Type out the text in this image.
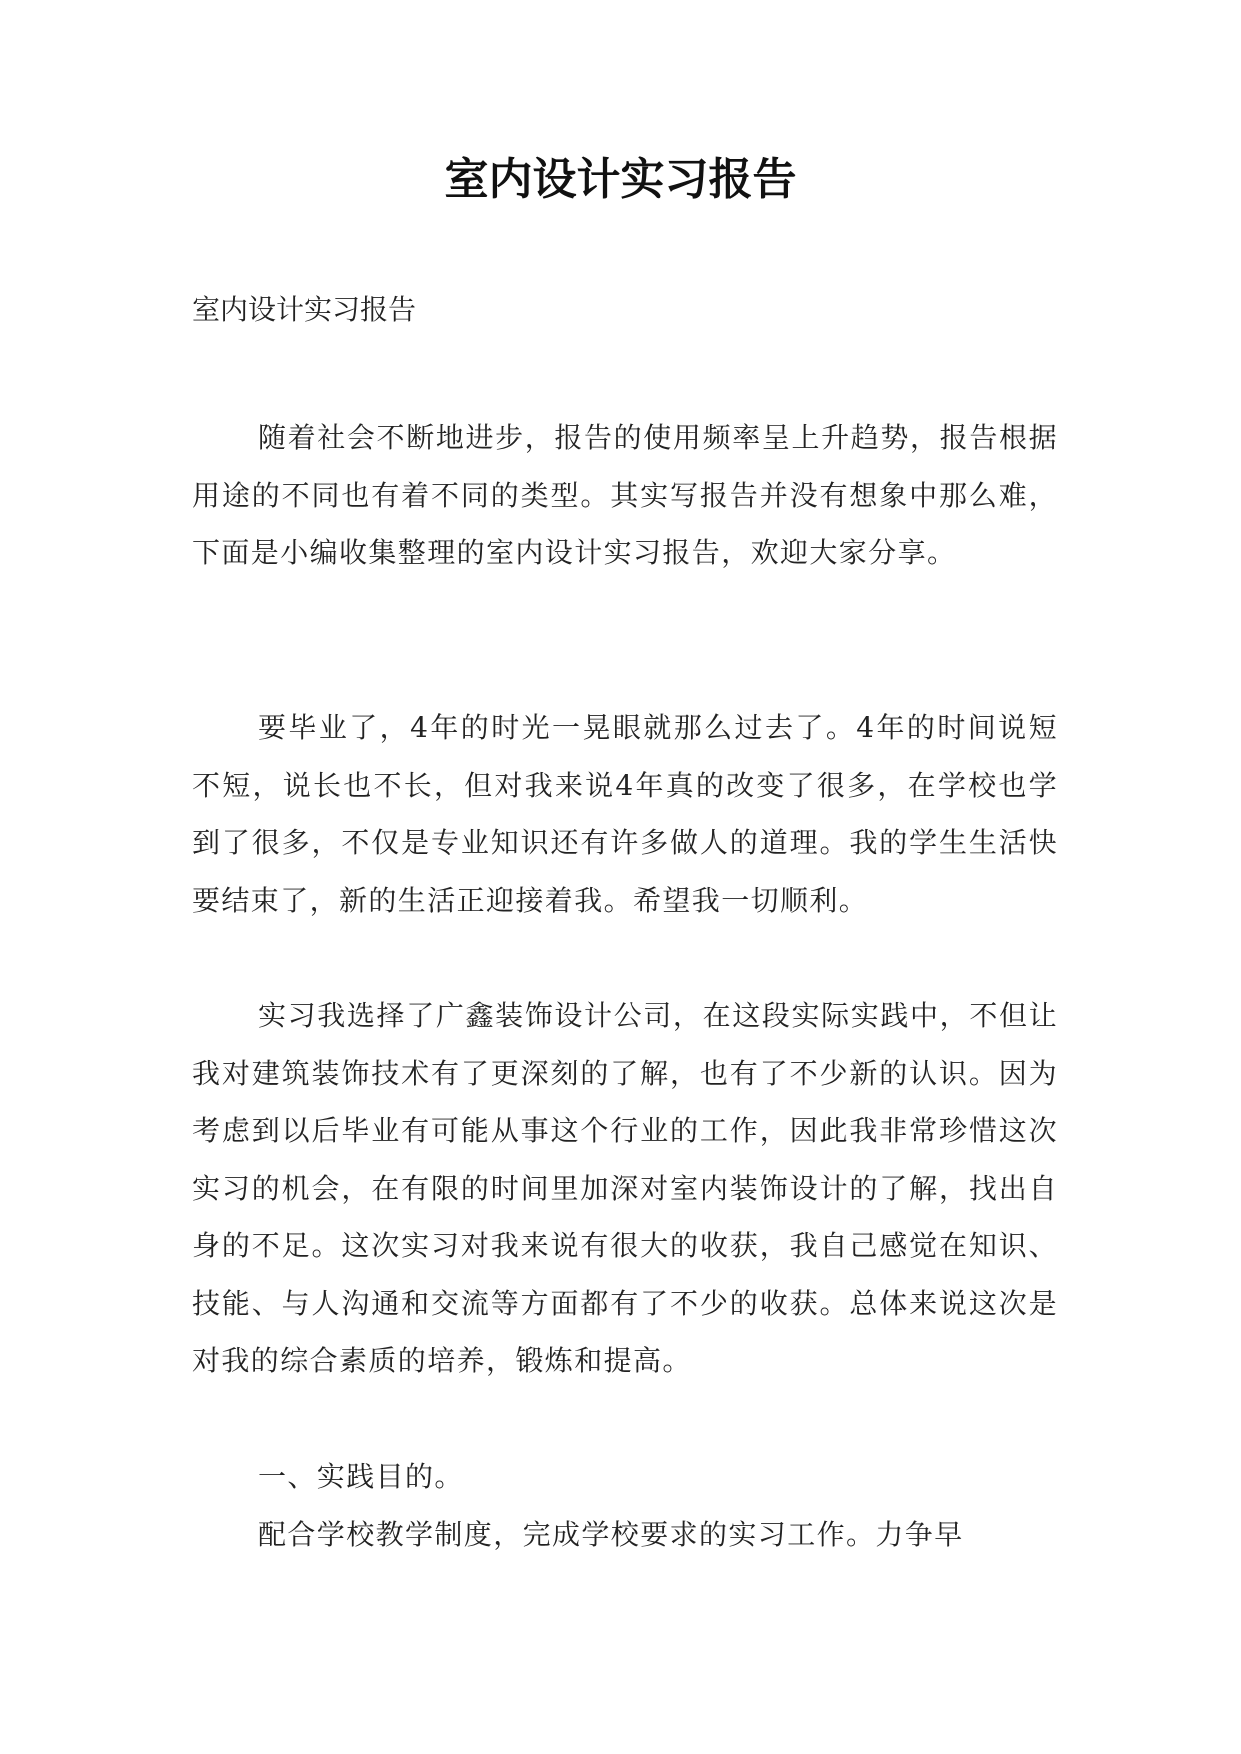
室内设计实习报告

室内设计实习报告

随着社会不断地进步，报告的使用频率呈上升趋势，报告根据用途的不同也有着不同的类型。其实写报告并没有想象中那么难，下面是小编收集整理的室内设计实习报告，欢迎大家分享。

要毕业了，4年的时光一晃眼就那么过去了。4年的时间说短不短，说长也不长，但对我来说4年真的改变了很多，在学校也学到了很多，不仅是专业知识还有许多做人的道理。我的学生生活快要结束了，新的生活正迎接着我。希望我一切顺利。

实习我选择了广鑫装饰设计公司，在这段实际实践中，不但让我对建筑装饰技术有了更深刻的了解，也有了不少新的认识。因为考虑到以后毕业有可能从事这个行业的工作，因此我非常珍惜这次实习的机会，在有限的时间里加深对室内装饰设计的了解，找出自身的不足。这次实习对我来说有很大的收获，我自己感觉在知识、技能、与人沟通和交流等方面都有了不少的收获。总体来说这次是对我的综合素质的培养，锻炼和提高。

一、实践目的。

配合学校教学制度，完成学校要求的实习工作。力争早
